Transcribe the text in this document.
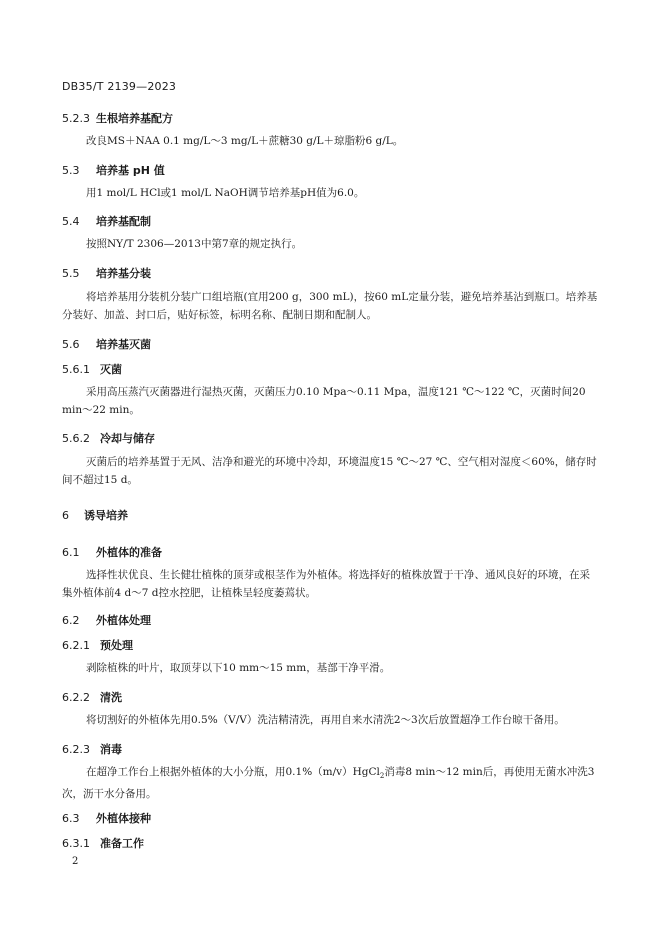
DB35/T 2139—2023
5.2.3 生根培养基配方
改良MS＋NAA 0.1 mg/L～3 mg/L＋蔗糖30 g/L＋琼脂粉6 g/L。
5.3 培养基 pH 值
用1 mol/L HCl或1 mol/L NaOH调节培养基pH值为6.0。
5.4 培养基配制
按照NY/T 2306—2013中第7章的规定执行。
5.5 培养基分装
将培养基用分装机分装广口组培瓶(宜用200 g，300 mL)，按60 mL定量分装，避免培养基沾到瓶口。培养基分装好、加盖、封口后，贴好标签，标明名称、配制日期和配制人。
5.6 培养基灭菌
5.6.1 灭菌
采用高压蒸汽灭菌器进行湿热灭菌，灭菌压力0.10 Mpa～0.11 Mpa，温度121 ℃～122 ℃，灭菌时间20 min～22 min。
5.6.2 冷却与储存
灭菌后的培养基置于无风、洁净和避光的环境中冷却，环境温度15 ℃～27 ℃、空气相对湿度＜60%，储存时间不超过15 d。
6 诱导培养
6.1 外植体的准备
选择性状优良、生长健壮植株的顶芽或根茎作为外植体。将选择好的植株放置于干净、通风良好的环境，在采集外植体前4 d～7 d控水控肥，让植株呈轻度萎蔫状。
6.2 外植体处理
6.2.1 预处理
剥除植株的叶片，取顶芽以下10 mm～15 mm，基部干净平滑。
6.2.2 清洗
将切割好的外植体先用0.5%（V/V）洗洁精清洗，再用自来水清洗2～3次后放置超净工作台晾干备用。
6.2.3 消毒
在超净工作台上根据外植体的大小分瓶，用0.1%（m/v）HgCl$_2$消毒8 min～12 min后，再使用无菌水冲洗3次，沥干水分备用。
6.3 外植体接种
6.3.1 准备工作
2
